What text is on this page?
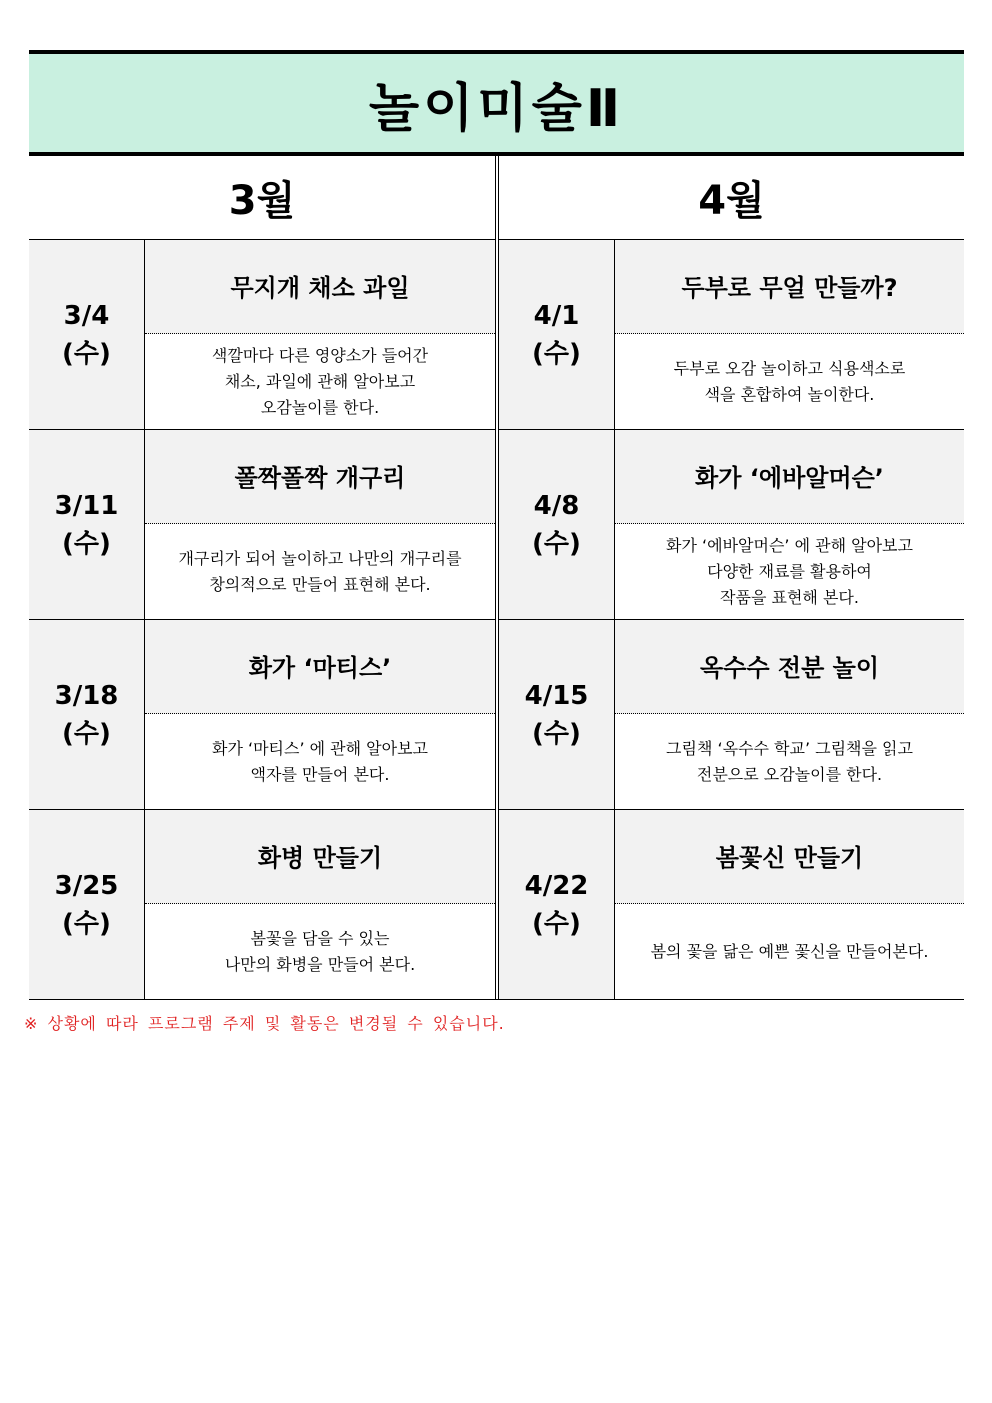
놀이미술Ⅱ
3월	4월
3/4
(수)
무지개 채소 과일
색깔마다 다른 영양소가 들어간
채소, 과일에 관해 알아보고
오감놀이를 한다.
4/1
(수)
두부로 무얼 만들까?
두부로 오감 놀이하고 식용색소로
색을 혼합하여 놀이한다.
3/11
(수)
폴짝폴짝 개구리
개구리가 되어 놀이하고 나만의 개구리를
창의적으로 만들어 표현해 본다.
4/8
(수)
화가 ‘에바알머슨’
화가 ‘에바알머슨’ 에 관해 알아보고
다양한 재료를 활용하여
작품을 표현해 본다.
3/18
(수)
화가 ‘마티스’
화가 ‘마티스’ 에 관해 알아보고
액자를 만들어 본다.
4/15
(수)
옥수수 전분 놀이
그림책 ‘옥수수 학교’ 그림책을 읽고
전분으로 오감놀이를 한다.
3/25
(수)
화병 만들기
봄꽃을 담을 수 있는
나만의 화병을 만들어 본다.
4/22
(수)
봄꽃신 만들기
봄의 꽃을 닮은 예쁜 꽃신을 만들어본다.
※ 상황에 따라 프로그램 주제 및 활동은 변경될 수 있습니다.
